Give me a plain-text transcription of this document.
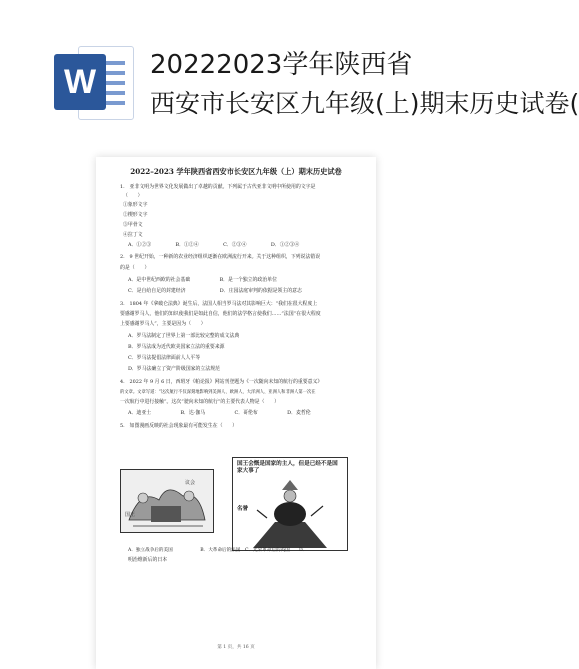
W	20222023学年陕西省
西安市长安区九年级(上)期末历史试卷(
2022–2023 学年陕西省西安市长安区九年级（上）期末历史试卷
1.　亚非文明为世界文化发展做出了卓越的贡献。下列属于古代亚非文明中所使用的文字是
（　　）
①象形文字
②楔形文字
③甲骨文
④拉丁文
A．①②③　　　　　B．①②④　　　　　C．②③④　　　　　D．①②③④
2.　9 世纪开始，一种新的农业经济组织逐渐在欧洲流行开来。关于这种组织，下列说法错误
的是（　　）
A．是中世纪西欧的社会基础　　　　　　B．是一个独立的政治单位
C．是自给自足的封建经济　　　　　　　D．庄园法庭审判的依据是领主的意志
3.　1804 年《拿破仑法典》诞生后，法国人相当罗马法对其影响巨大：“我们在很大程度上
要感谢罗马人，他们的知识使我们是如此自信，他们的法学格言使我们……”法国“在很大程度
上要感谢罗马人”，主要是因为（　　）
A．罗马法制定了世界上第一部比较完整的成文法典
B．罗马法成为近代欧美国家立法的重要来源
C．罗马法提倡法律面前人人平等
D．罗马法确立了资产阶级国家的立法规范
4.　2022 年 9 月 6 日，西班牙《帕论报》网站刊登题为《一次随向未知的航行的重要意义》
的文章。文章写道：“这次航行不仅深刻地影响到美洲人、欧洲人、大洋洲人、亚洲人和非洲人第一次在
一次航行中进行接触”。这次“驶向未知的航行”的主要代表人物是（　　）
A．迪亚士　　　　　　B．达·伽马　　　　　　C．哥伦布　　　　　　D．麦哲伦
5.　如图漫画反映的社会现象最有可能发生在（　　）
议会
国王
国王会慨是国家的主人，但是已经不是国家大事了
名誉
A．独立战争后的美国　　　　　　B．大革命后的法国　C．光荣革命后的英国　　D．
明治维新后的日本
第 1 页，共 16 页
